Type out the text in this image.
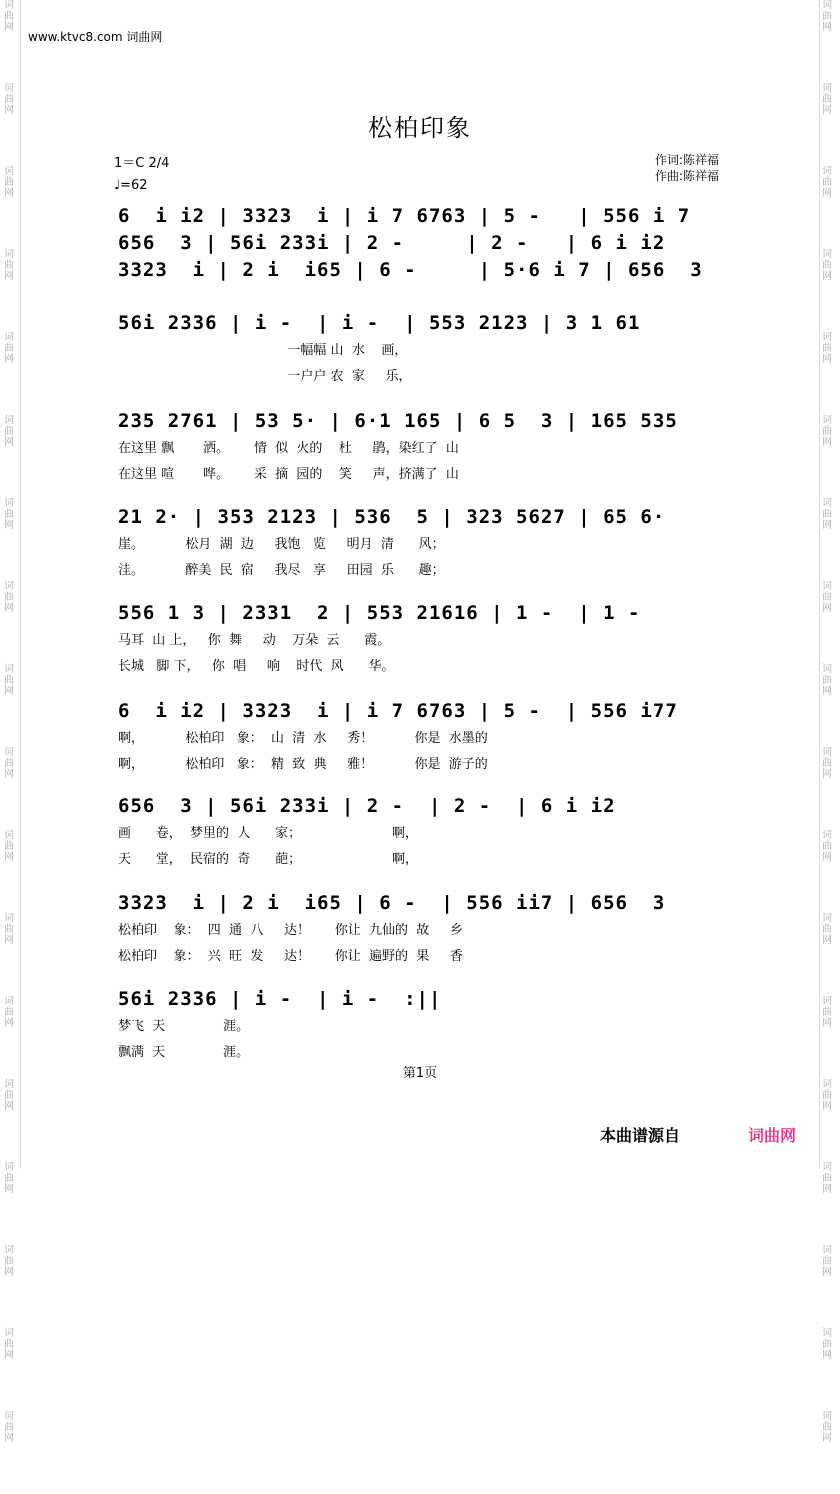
词曲网
词曲网
词曲网
词曲网
词曲网
词曲网
词曲网
词曲网
词曲网
词曲网
词曲网
词曲网
词曲网
词曲网
词曲网
词曲网
词曲网
词曲网
词曲网
词曲网
词曲网
词曲网
词曲网
词曲网
词曲网
词曲网
词曲网
词曲网
词曲网
词曲网
词曲网
词曲网
词曲网
词曲网
词曲网
词曲网
www.ktvc8.com 词曲网
松柏印象
1＝C 2/4
♩=62
作词:陈祥福
作曲:陈祥福
6  i i2 | 3323  i | i 7 6763 | 5 -   | 556 i 7
656  3 | 56i 233i | 2 -     | 2 -   | 6 i i2
3323  i | 2 i  i65 | 6 -     | 5·6 i 7 | 656  3
56i 2336 | i -  | i -  | 553 2123 | 3 1 61
一幅幅 山  水    画，
一户户 农  家     乐，
235 2761 | 53 5· | 6·1 165 | 6 5  3 | 165 535
在这里 飘       洒。      情  似  火的    杜     鹃，染红了  山
在这里 喧       哗。      采  摘  园的    笑     声，挤满了  山
21 2· | 353 2123 | 536  5 | 323 5627 | 65 6·
崖。          松月  湖  边     我饱   览     明月  清      风；
洼。          醉美  民  宿     我尽   享     田园  乐      趣；
556 1 3 | 2331  2 | 553 21616 | 1 -  | 1 -
马耳  山 上，   你  舞     动    万朵  云      霞。
长城   脚 下，   你  唱     响    时代  风      华。
6  i i2 | 3323  i | i 7 6763 | 5 -  | 556 i77
啊，          松柏印   象：  山  清  水     秀！          你是  水墨的
啊，          松柏印   象：  精  致  典     雅！          你是  游子的
656  3 | 56i 233i | 2 -  | 2 -  | 6 i i2
画      卷，  梦里的  人      家；                      啊，
天      堂，  民宿的  奇      葩；                      啊，
3323  i | 2 i  i65 | 6 -  | 556 ii7 | 656  3
松柏印    象：  四  通  八     达！      你让  九仙的  故     乡
松柏印    象：  兴  旺  发     达！      你让  遍野的  果     香
56i 2336 | i -  | i -  :||
梦飞  天              涯。
飘满  天              涯。
第1页
本曲谱源自	词曲网
